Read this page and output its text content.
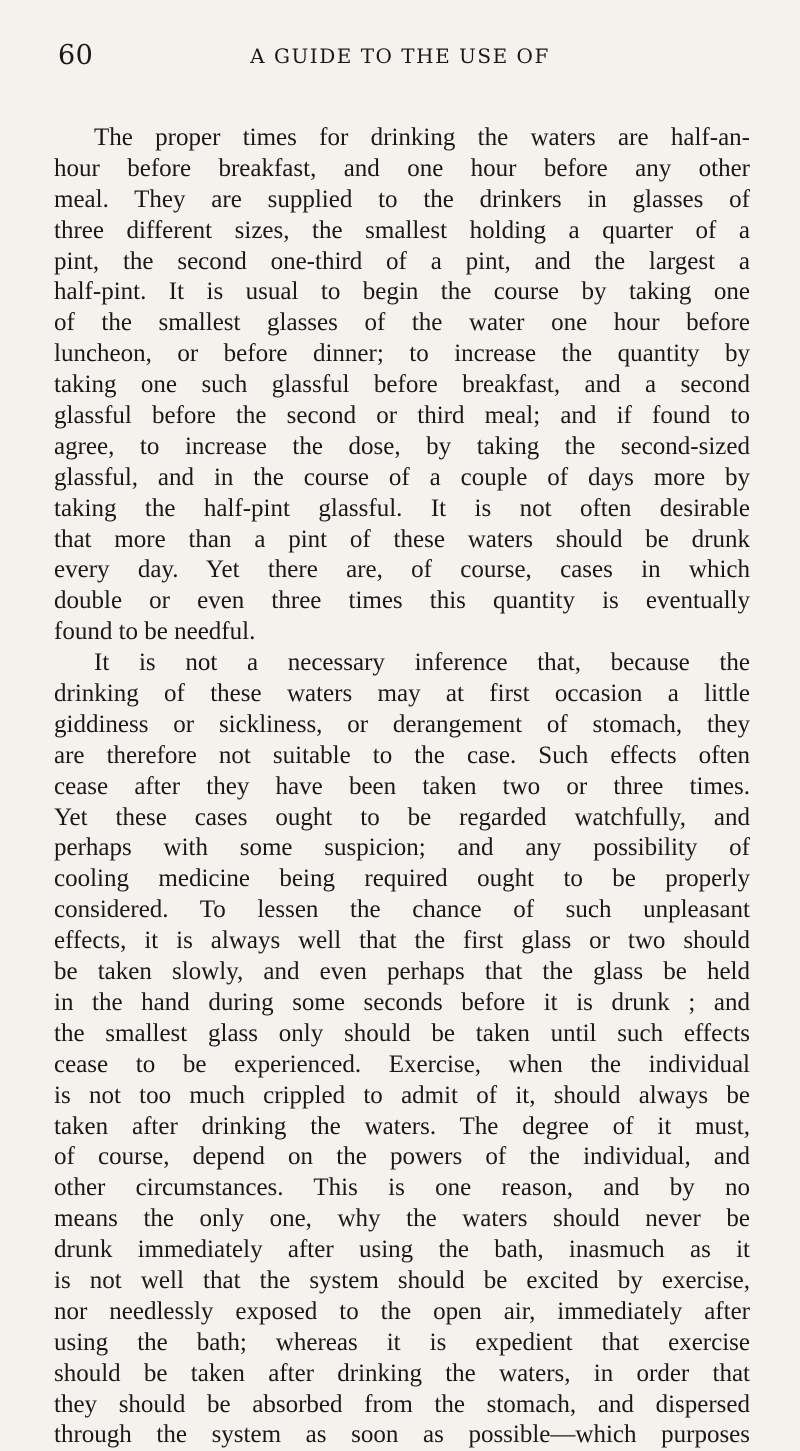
60	A GUIDE TO THE USE OF
The proper times for drinking the waters are half-an-
hour before breakfast, and one hour before any other
meal. They are supplied to the drinkers in glasses of
three different sizes, the smallest holding a quarter of a
pint, the second one-third of a pint, and the largest a
half-pint. It is usual to begin the course by taking one
of the smallest glasses of the water one hour before
luncheon, or before dinner; to increase the quantity by
taking one such glassful before breakfast, and a second
glassful before the second or third meal; and if found to
agree, to increase the dose, by taking the second-sized
glassful, and in the course of a couple of days more by
taking the half-pint glassful. It is not often desirable
that more than a pint of these waters should be drunk
every day. Yet there are, of course, cases in which
double or even three times this quantity is eventually
found to be needful.
It is not a necessary inference that, because the
drinking of these waters may at first occasion a little
giddiness or sickliness, or derangement of stomach, they
are therefore not suitable to the case. Such effects often
cease after they have been taken two or three times.
Yet these cases ought to be regarded watchfully, and
perhaps with some suspicion; and any possibility of
cooling medicine being required ought to be properly
considered. To lessen the chance of such unpleasant
effects, it is always well that the first glass or two should
be taken slowly, and even perhaps that the glass be held
in the hand during some seconds before it is drunk ; and
the smallest glass only should be taken until such effects
cease to be experienced. Exercise, when the individual
is not too much crippled to admit of it, should always be
taken after drinking the waters. The degree of it must,
of course, depend on the powers of the individual, and
other circumstances. This is one reason, and by no
means the only one, why the waters should never be
drunk immediately after using the bath, inasmuch as it
is not well that the system should be excited by exercise,
nor needlessly exposed to the open air, immediately after
using the bath; whereas it is expedient that exercise
should be taken after drinking the waters, in order that
they should be absorbed from the stomach, and dispersed
through the system as soon as possible—which purposes
